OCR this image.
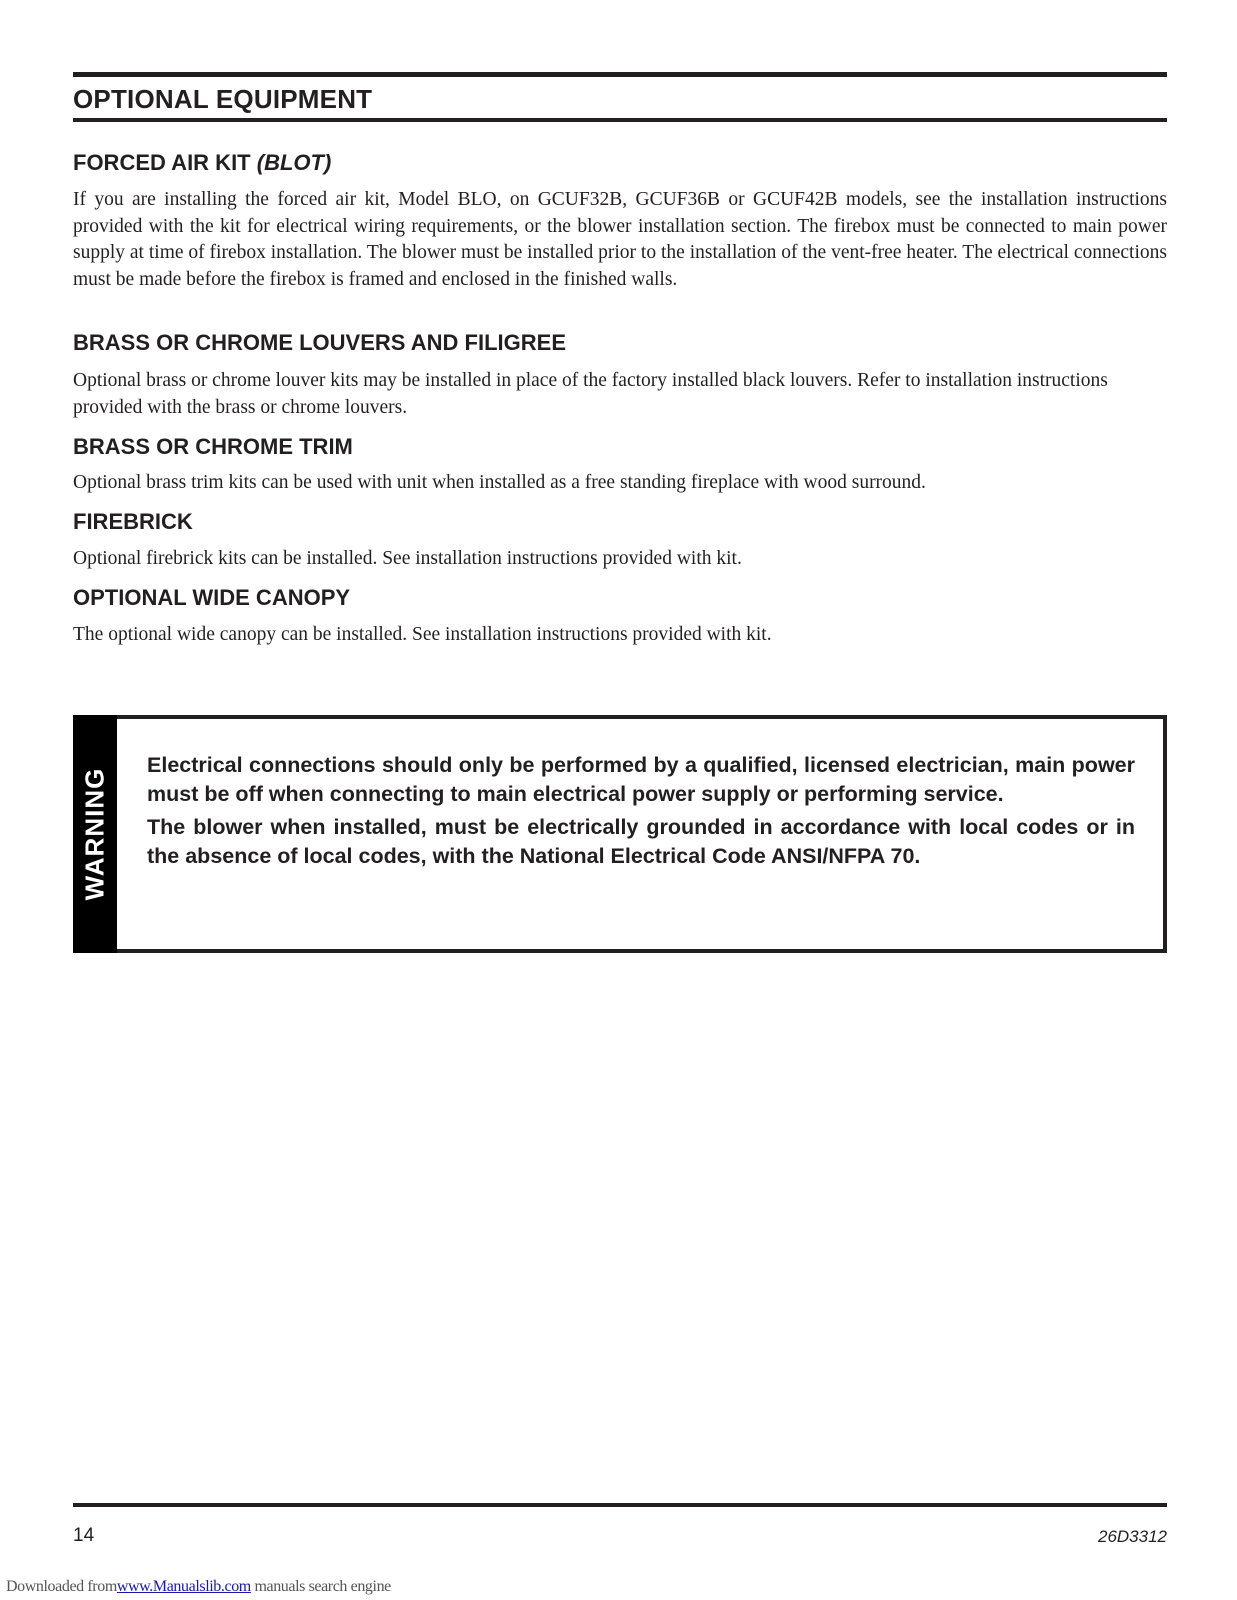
OPTIONAL EQUIPMENT
FORCED AIR KIT (BLOT)

If you are installing the forced air kit, Model BLO, on GCUF32B, GCUF36B or GCUF42B models, see the installation instructions provided with the kit for electrical wiring requirements, or the blower installation section. The firebox must be connected to main power supply at time of firebox installation. The blower must be installed prior to the installation of the vent-free heater. The electrical connections must be made before the firebox is framed and enclosed in the finished walls.

BRASS OR CHROME LOUVERS AND FILIGREE

Optional brass or chrome louver kits may be installed in place of the factory installed black louvers. Refer to installation instructions provided with the brass or chrome louvers.

BRASS OR CHROME TRIM

Optional brass trim kits can be used with unit when installed as a free standing fireplace with wood surround.

FIREBRICK

Optional firebrick kits can be installed. See installation instructions provided with kit.

OPTIONAL WIDE CANOPY

The optional wide canopy can be installed. See installation instructions provided with kit.

WARNING

Electrical connections should only be performed by a qualified, licensed electrician, main power must be off when connecting to main electrical power supply or performing service.

The blower when installed, must be electrically grounded in accordance with local codes or in the absence of local codes, with the National Electrical Code ANSI/NFPA 70.

14	26D3312
Downloaded fromwww.Manualslib.com manuals search engine
